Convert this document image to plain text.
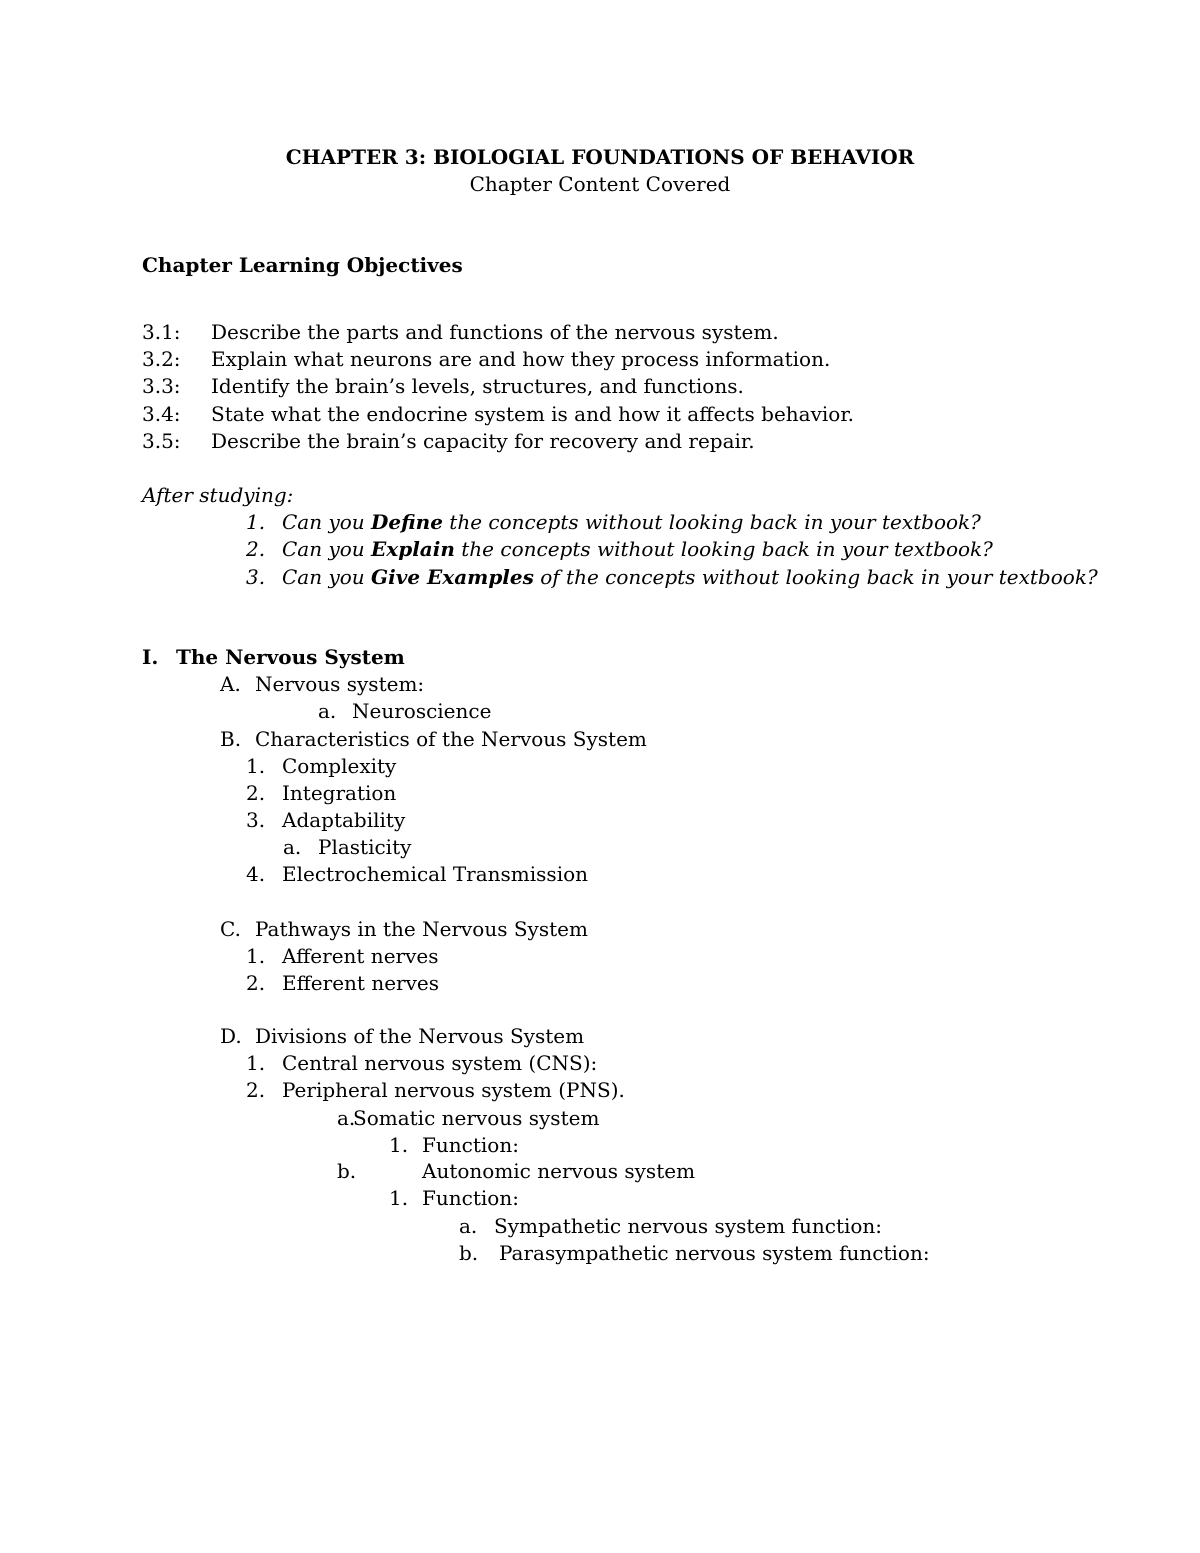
CHAPTER 3: BIOLOGIAL FOUNDATIONS OF BEHAVIOR
Chapter Content Covered
Chapter Learning Objectives
3.1: Describe the parts and functions of the nervous system.
3.2: Explain what neurons are and how they process information.
3.3: Identify the brain’s levels, structures, and functions.
3.4: State what the endocrine system is and how it affects behavior.
3.5: Describe the brain’s capacity for recovery and repair.
After studying:
1. Can you Define the concepts without looking back in your textbook?
2. Can you Explain the concepts without looking back in your textbook?
3. Can you Give Examples of the concepts without looking back in your textbook?
I. The Nervous System
A. Nervous system:
a. Neuroscience
B. Characteristics of the Nervous System
1. Complexity
2. Integration
3. Adaptability
a. Plasticity
4. Electrochemical Transmission
C. Pathways in the Nervous System
1. Afferent nerves
2. Efferent nerves
D. Divisions of the Nervous System
1. Central nervous system (CNS):
2. Peripheral nervous system (PNS).
a.
Somatic nervous system
1. Function:
b.	Autonomic nervous system
1. Function:
a. Sympathetic nervous system function:
b. Parasympathetic nervous system function:
